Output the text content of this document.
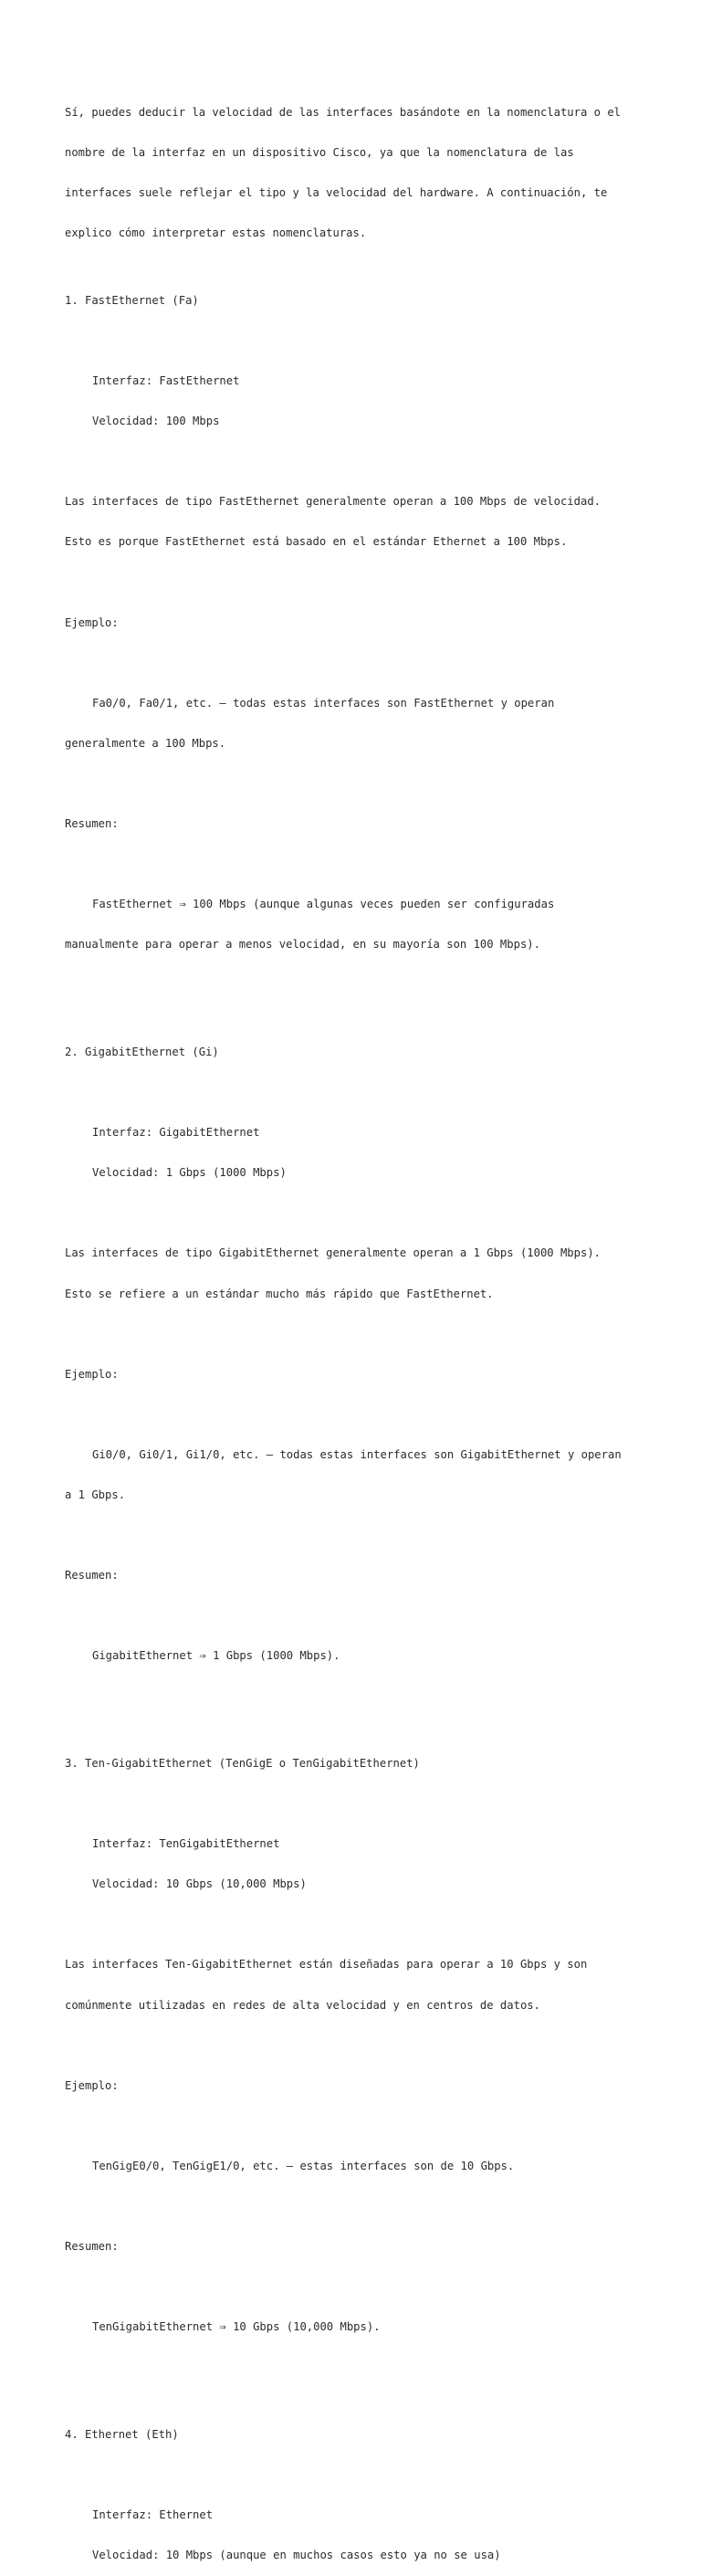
Sí, puedes deducir la velocidad de las interfaces basándote en la nomenclatura o el

nombre de la interfaz en un dispositivo Cisco, ya que la nomenclatura de las

interfaces suele reflejar el tipo y la velocidad del hardware. A continuación, te

explico cómo interpretar estas nomenclaturas.

1. FastEthernet (Fa)

Interfaz: FastEthernet

Velocidad: 100 Mbps

Las interfaces de tipo FastEthernet generalmente operan a 100 Mbps de velocidad.

Esto es porque FastEthernet está basado en el estándar Ethernet a 100 Mbps.

Ejemplo:

Fa0/0, Fa0/1, etc. — todas estas interfaces son FastEthernet y operan

generalmente a 100 Mbps.

Resumen:

FastEthernet ⇒ 100 Mbps (aunque algunas veces pueden ser configuradas

manualmente para operar a menos velocidad, en su mayoría son 100 Mbps).

2. GigabitEthernet (Gi)

Interfaz: GigabitEthernet

Velocidad: 1 Gbps (1000 Mbps)

Las interfaces de tipo GigabitEthernet generalmente operan a 1 Gbps (1000 Mbps).

Esto se refiere a un estándar mucho más rápido que FastEthernet.

Ejemplo:

Gi0/0, Gi0/1, Gi1/0, etc. — todas estas interfaces son GigabitEthernet y operan

a 1 Gbps.

Resumen:

GigabitEthernet ⇒ 1 Gbps (1000 Mbps).

3. Ten-GigabitEthernet (TenGigE o TenGigabitEthernet)

Interfaz: TenGigabitEthernet

Velocidad: 10 Gbps (10,000 Mbps)

Las interfaces Ten-GigabitEthernet están diseñadas para operar a 10 Gbps y son

comúnmente utilizadas en redes de alta velocidad y en centros de datos.

Ejemplo:

TenGigE0/0, TenGigE1/0, etc. — estas interfaces son de 10 Gbps.

Resumen:

TenGigabitEthernet ⇒ 10 Gbps (10,000 Mbps).

4. Ethernet (Eth)

Interfaz: Ethernet

Velocidad: 10 Mbps (aunque en muchos casos esto ya no se usa)
